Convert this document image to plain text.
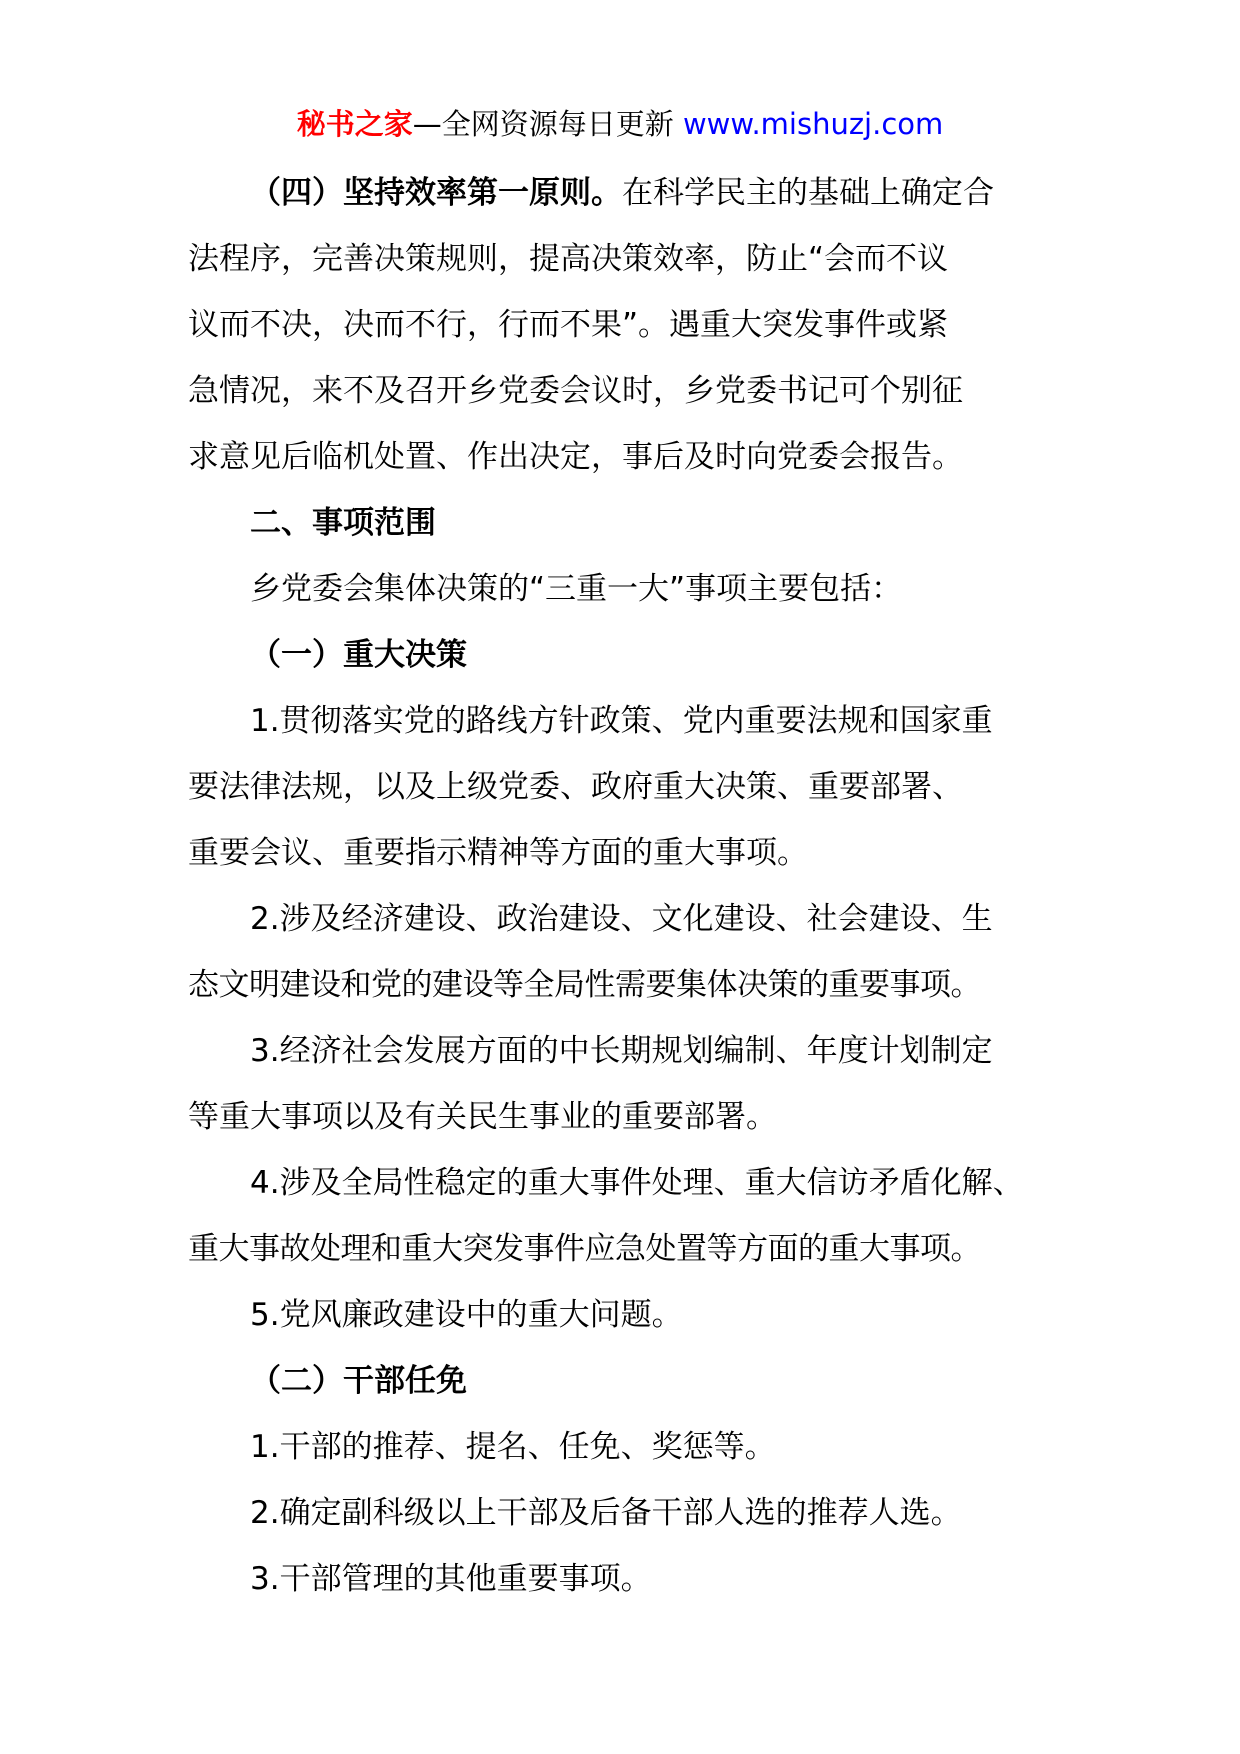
秘书之家—全网资源每日更新 www.mishuzj.com

（四）坚持效率第一原则。在科学民主的基础上确定合

法程序，完善决策规则，提高决策效率，防止“会而不议

议而不决，决而不行，行而不果”。遇重大突发事件或紧

急情况，来不及召开乡党委会议时，乡党委书记可个别征

求意见后临机处置、作出决定，事后及时向党委会报告。

二、事项范围

乡党委会集体决策的“三重一大”事项主要包括：

（一）重大决策

1.贯彻落实党的路线方针政策、党内重要法规和国家重

要法律法规，以及上级党委、政府重大决策、重要部署、

重要会议、重要指示精神等方面的重大事项。

2.涉及经济建设、政治建设、文化建设、社会建设、生

态文明建设和党的建设等全局性需要集体决策的重要事项。

3.经济社会发展方面的中长期规划编制、年度计划制定

等重大事项以及有关民生事业的重要部署。

4.涉及全局性稳定的重大事件处理、重大信访矛盾化解、

重大事故处理和重大突发事件应急处置等方面的重大事项。

5.党风廉政建设中的重大问题。

（二）干部任免

1.干部的推荐、提名、任免、奖惩等。

2.确定副科级以上干部及后备干部人选的推荐人选。

3.干部管理的其他重要事项。
